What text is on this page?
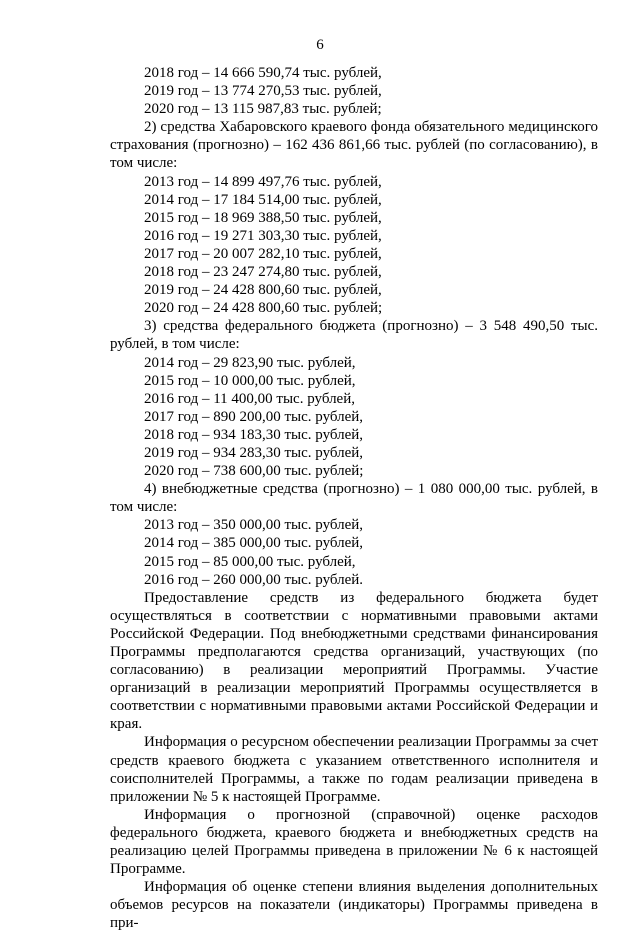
6
2018 год – 14 666 590,74 тыс. рублей,
2019 год – 13 774 270,53 тыс. рублей,
2020 год – 13 115 987,83 тыс. рублей;
2) средства Хабаровского краевого фонда обязательного медицинского страхования (прогнозно) – 162 436 861,66 тыс. рублей (по согласованию), в том числе:
2013 год – 14 899 497,76 тыс. рублей,
2014 год – 17 184 514,00 тыс. рублей,
2015 год – 18 969 388,50 тыс. рублей,
2016 год – 19 271 303,30 тыс. рублей,
2017 год – 20 007 282,10 тыс. рублей,
2018 год – 23 247 274,80 тыс. рублей,
2019 год – 24 428 800,60 тыс. рублей,
2020 год – 24 428 800,60 тыс. рублей;
3) средства федерального бюджета (прогнозно) – 3 548 490,50 тыс. рублей, в том числе:
2014 год – 29 823,90 тыс. рублей,
2015 год – 10 000,00 тыс. рублей,
2016 год – 11 400,00 тыс. рублей,
2017 год – 890 200,00 тыс. рублей,
2018 год – 934 183,30 тыс. рублей,
2019 год – 934 283,30 тыс. рублей,
2020 год – 738 600,00 тыс. рублей;
4) внебюджетные средства (прогнозно) – 1 080 000,00 тыс. рублей, в том числе:
2013 год – 350 000,00 тыс. рублей,
2014 год – 385 000,00 тыс. рублей,
2015 год – 85 000,00 тыс. рублей,
2016 год – 260 000,00 тыс. рублей.
Предоставление средств из федерального бюджета будет осуществляться в соответствии с нормативными правовыми актами Российской Федерации. Под внебюджетными средствами финансирования Программы предполагаются средства организаций, участвующих (по согласованию) в реализации мероприятий Программы. Участие организаций в реализации мероприятий Программы осуществляется в соответствии с нормативными правовыми актами Российской Федерации и края.
Информация о ресурсном обеспечении реализации Программы за счет средств краевого бюджета с указанием ответственного исполнителя и соисполнителей Программы, а также по годам реализации приведена в приложении № 5 к настоящей Программе.
Информация о прогнозной (справочной) оценке расходов федерального бюджета, краевого бюджета и внебюджетных средств на реализацию целей Программы приведена в приложении № 6 к настоящей Программе.
Информация об оценке степени влияния выделения дополнительных объемов ресурсов на показатели (индикаторы) Программы приведена в при-
